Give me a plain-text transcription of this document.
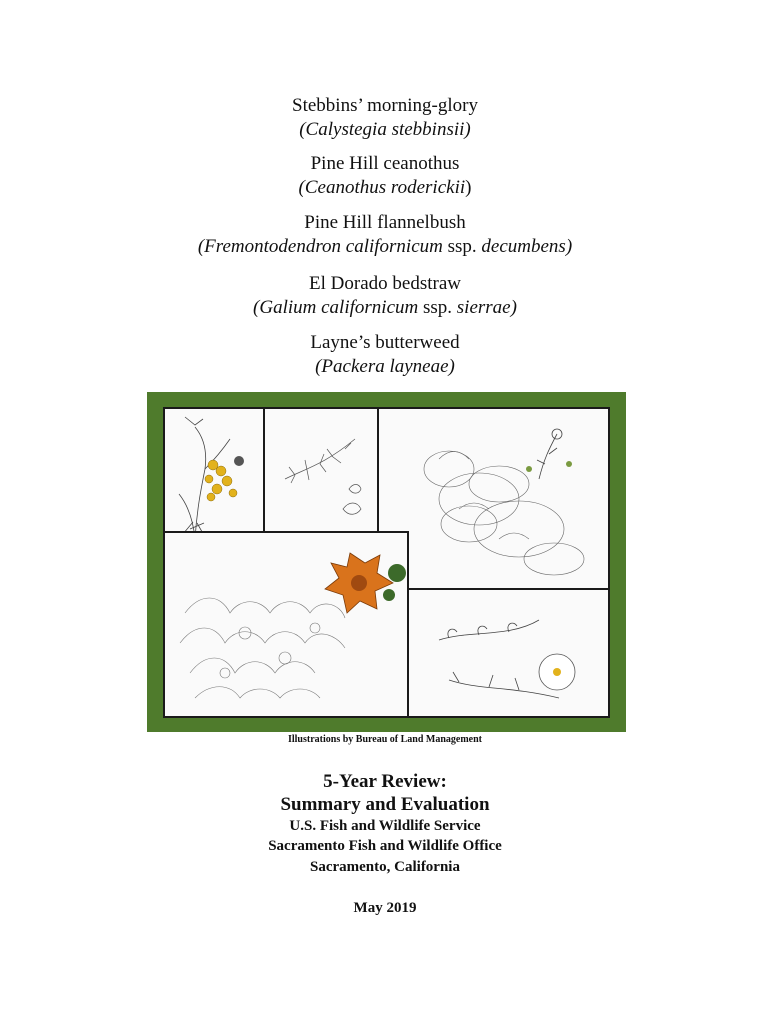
Stebbins’ morning-glory
(Calystegia stebbinsii)
Pine Hill ceanothus
(Ceanothus roderickii)
Pine Hill flannelbush
(Fremontodendron californicum ssp. decumbens)
El Dorado bedstraw
(Galium californicum ssp. sierrae)
Layne’s butterweed
(Packera layneae)
Illustrations by Bureau of Land Management
5-Year Review:
Summary and Evaluation
U.S. Fish and Wildlife Service
Sacramento Fish and Wildlife Office
Sacramento, California
May 2019
